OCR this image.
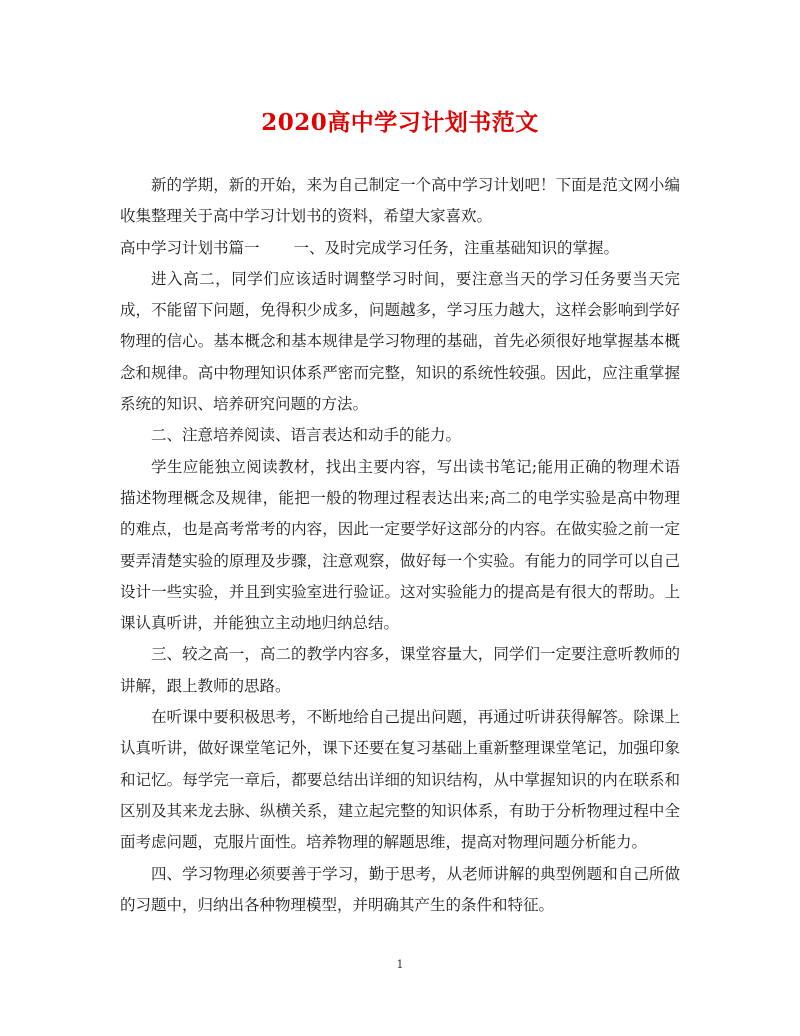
2020高中学习计划书范文

新的学期，新的开始，来为自己制定一个高中学习计划吧！下面是范文网小编收集整理关于高中学习计划书的资料，希望大家喜欢。

高中学习计划书篇一 一、及时完成学习任务，注重基础知识的掌握。

进入高二，同学们应该适时调整学习时间，要注意当天的学习任务要当天完成，不能留下问题，免得积少成多，问题越多，学习压力越大，这样会影响到学好物理的信心。基本概念和基本规律是学习物理的基础，首先必须很好地掌握基本概念和规律。高中物理知识体系严密而完整，知识的系统性较强。因此，应注重掌握系统的知识、培养研究问题的方法。

二、注意培养阅读、语言表达和动手的能力。

学生应能独立阅读教材，找出主要内容，写出读书笔记;能用正确的物理术语描述物理概念及规律，能把一般的物理过程表达出来;高二的电学实验是高中物理的难点，也是高考常考的内容，因此一定要学好这部分的内容。在做实验之前一定要弄清楚实验的原理及步骤，注意观察，做好每一个实验。有能力的同学可以自己设计一些实验，并且到实验室进行验证。这对实验能力的提高是有很大的帮助。上课认真听讲，并能独立主动地归纳总结。

三、较之高一，高二的教学内容多，课堂容量大，同学们一定要注意听教师的讲解，跟上教师的思路。

在听课中要积极思考，不断地给自己提出问题，再通过听讲获得解答。除课上认真听讲，做好课堂笔记外，课下还要在复习基础上重新整理课堂笔记，加强印象和记忆。每学完一章后，都要总结出详细的知识结构，从中掌握知识的内在联系和区别及其来龙去脉、纵横关系，建立起完整的知识体系，有助于分析物理过程中全面考虑问题，克服片面性。培养物理的解题思维，提高对物理问题分析能力。

四、学习物理必须要善于学习，勤于思考，从老师讲解的典型例题和自己所做的习题中，归纳出各种物理模型，并明确其产生的条件和特征。

1
